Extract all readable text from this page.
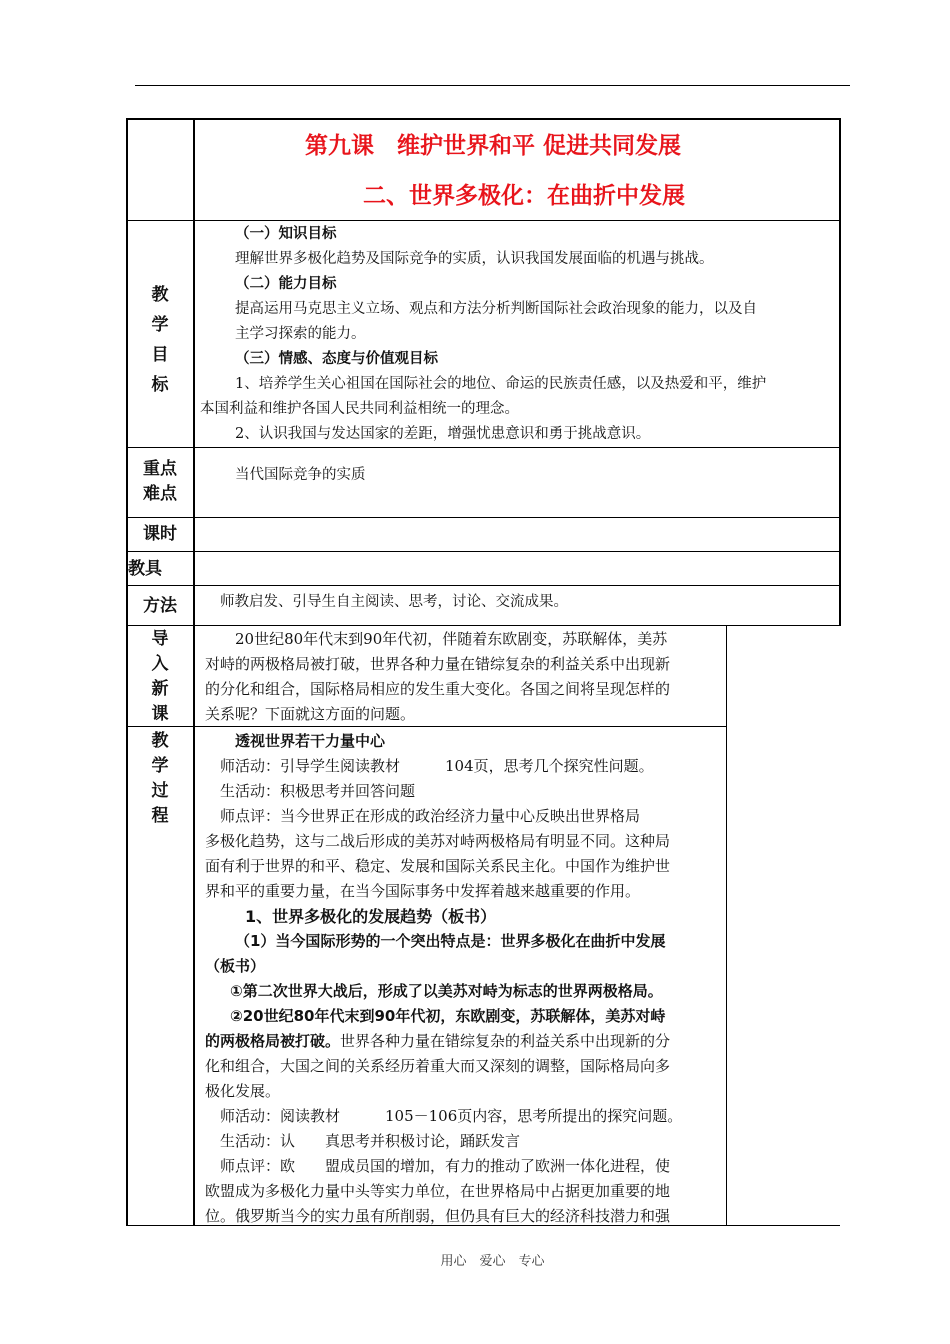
第九课　维护世界和平 促进共同发展
二、世界多极化：在曲折中发展
教
学
目
标
（一）知识目标
理解世界多极化趋势及国际竞争的实质，认识我国发展面临的机遇与挑战。
（二）能力目标
提高运用马克思主义立场、观点和方法分析判断国际社会政治现象的能力，以及自
主学习探索的能力。
（三）情感、态度与价值观目标
1、培养学生关心祖国在国际社会的地位、命运的民族责任感，以及热爱和平，维护
本国利益和维护各国人民共同利益相统一的理念。
2、认识我国与发达国家的差距，增强忧患意识和勇于挑战意识。
重点
难点
当代国际竞争的实质
课时
教具
方法	师教启发、引导生自主阅读、思考，讨论、交流成果。
导
入
新
课
　　20世纪80年代末到90年代初，伴随着东欧剧变，苏联解体，美苏
对峙的两极格局被打破，世界各种力量在错综复杂的利益关系中出现新
的分化和组合，国际格局相应的发生重大变化。各国之间将呈现怎样的
关系呢？下面就这方面的问题。
教
学
过
程
透视世界若干力量中心
师活动：引导学生阅读教材　　　104页，思考几个探究性问题。
生活动：积极思考并回答问题
师点评：当今世界正在形成的政治经济力量中心反映出世界格局
多极化趋势，这与二战后形成的美苏对峙两极格局有明显不同。这种局
面有利于世界的和平、稳定、发展和国际关系民主化。中国作为维护世
界和平的重要力量，在当今国际事务中发挥着越来越重要的作用。
1、世界多极化的发展趋势（板书）
（1）当今国际形势的一个突出特点是：世界多极化在曲折中发展
（板书）
①第二次世界大战后，形成了以美苏对峙为标志的世界两极格局。
②20世纪80年代末到90年代初，东欧剧变，苏联解体，美苏对峙
的两极格局被打破。世界各种力量在错综复杂的利益关系中出现新的分
化和组合，大国之间的关系经历着重大而又深刻的调整，国际格局向多
极化发展。
师活动：阅读教材　　　105－106页内容，思考所提出的探究问题。
生活动：认　　真思考并积极讨论，踊跃发言
师点评：欧　　盟成员国的增加，有力的推动了欧洲一体化进程，使
欧盟成为多极化力量中头等实力单位，在世界格局中占据更加重要的地
位。俄罗斯当今的实力虽有所削弱，但仍具有巨大的经济科技潜力和强
用心　爱心　专心
